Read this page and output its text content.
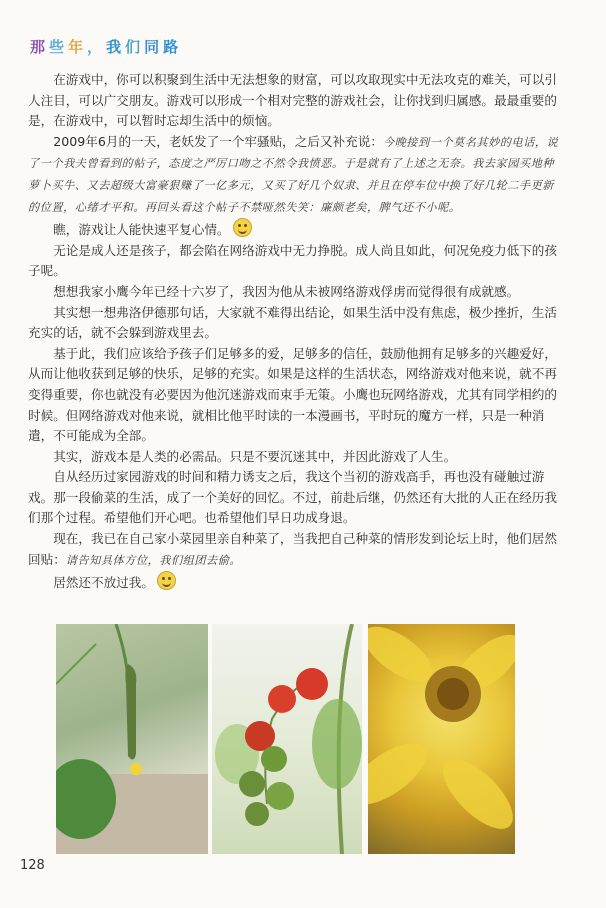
那些年，我们同路

在游戏中，你可以积聚到生活中无法想象的财富，可以攻取现实中无法攻克的难关，可以引人注目，可以广交朋友。游戏可以形成一个相对完整的游戏社会，让你找到归属感。最最重要的是，在游戏中，可以暂时忘却生活中的烦恼。

2009年6月的一天，老妖发了一个牢骚贴，之后又补充说：今晚接到一个莫名其妙的电话，说了一个我夫曾看到的帖子，态度之严厉口吻之不然令我愤恶。于是就有了上述之无奈。我去家园买地种萝卜买牛、又去超级大富豪狠赚了一亿多元，又买了好几个奴隶、并且在停车位中换了好几轮二手更新的位置，心绪才平和。再回头看这个帖子不禁哑然失笑：廉颇老矣，脾气还不小呢。

瞧，游戏让人能快速平复心情。

无论是成人还是孩子，都会陷在网络游戏中无力挣脱。成人尚且如此，何况免疫力低下的孩子呢。

想想我家小鹰今年已经十六岁了，我因为他从未被网络游戏俘虏而觉得很有成就感。

其实想一想弗洛伊德那句话，大家就不难得出结论，如果生活中没有焦虑，极少挫折，生活充实的话，就不会躲到游戏里去。

基于此，我们应该给予孩子们足够多的爱，足够多的信任，鼓励他拥有足够多的兴趣爱好，从而让他收获到足够的快乐，足够的充实。如果是这样的生活状态，网络游戏对他来说，就不再变得重要，你也就没有必要因为他沉迷游戏而束手无策。小鹰也玩网络游戏，尤其有同学相约的时候。但网络游戏对他来说，就相比他平时读的一本漫画书，平时玩的魔方一样，只是一种消遣，不可能成为全部。

其实，游戏本是人类的必需品。只是不要沉迷其中，并因此游戏了人生。

自从经历过家园游戏的时间和精力诱支之后，我这个当初的游戏高手，再也没有碰触过游戏。那一段偷菜的生活，成了一个美好的回忆。不过，前赴后继，仍然还有大批的人正在经历我们那个过程。希望他们开心吧。也希望他们早日功成身退。

现在，我已在自己家小菜园里亲自种菜了，当我把自己种菜的情形发到论坛上时，他们居然回贴：请告知具体方位，我们组团去偷。

居然还不放过我。

128
